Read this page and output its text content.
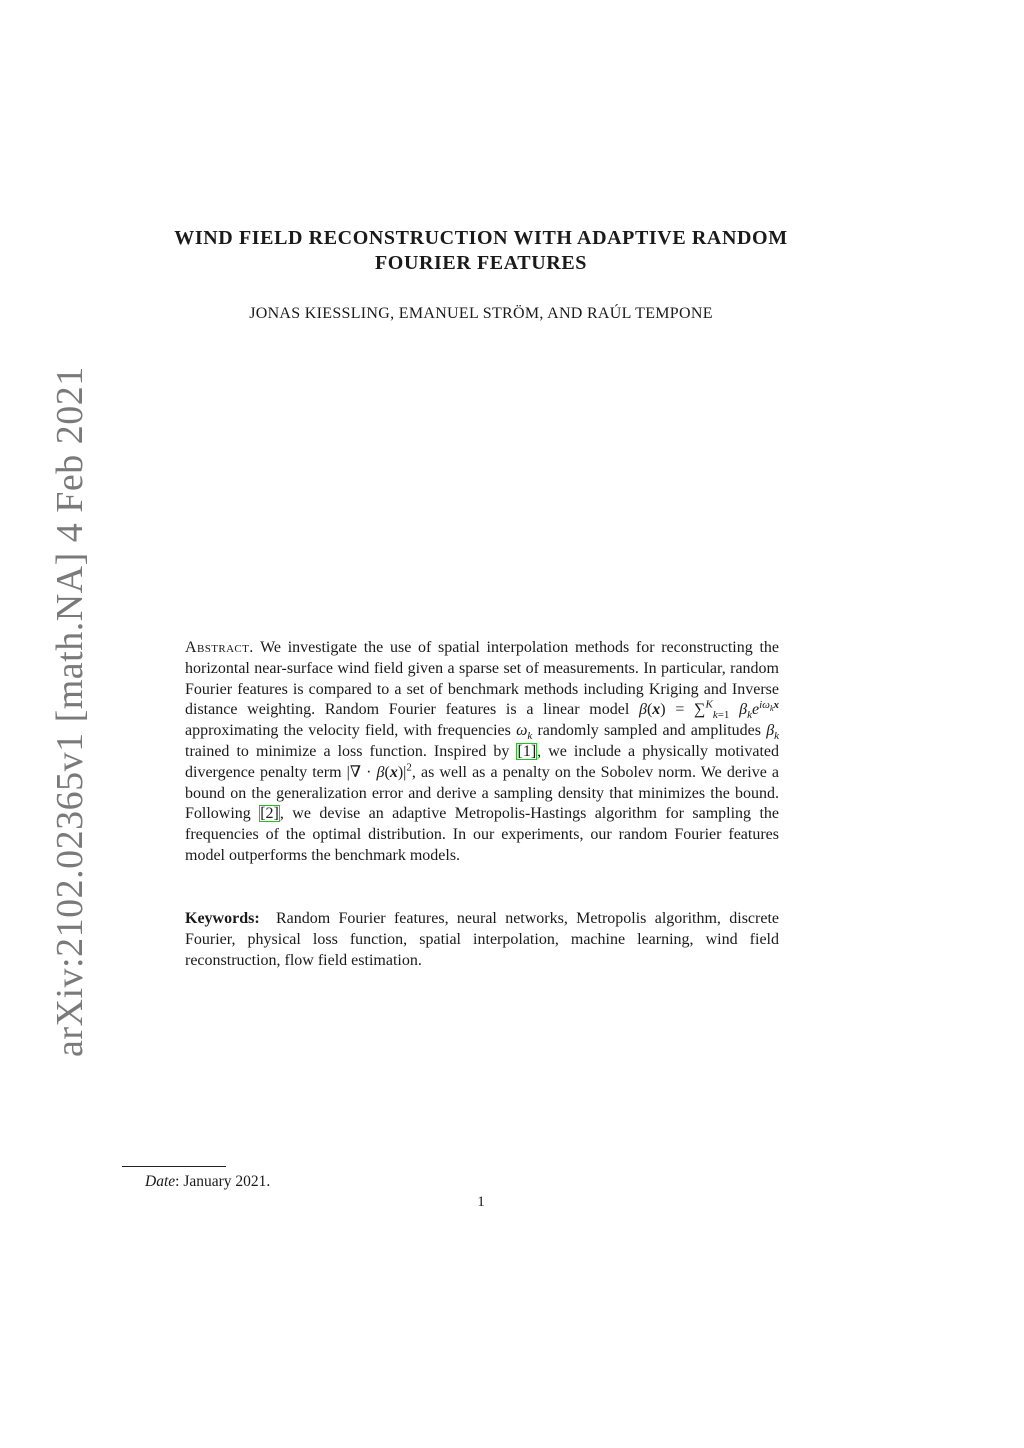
arXiv:2102.02365v1 [math.NA] 4 Feb 2021
WIND FIELD RECONSTRUCTION WITH ADAPTIVE RANDOM
FOURIER FEATURES
JONAS KIESSLING, EMANUEL STRÖM, AND RAÚL TEMPONE
Abstract. We investigate the use of spatial interpolation methods for reconstructing the horizontal near-surface wind field given a sparse set of measurements. In particular, random Fourier features is compared to a set of benchmark methods including Kriging and Inverse distance weighting. Random Fourier features is a linear model β(x) = ∑$^K_{k=1}$ $\beta_ke^{i\omega_kx}$ approximating the velocity field, with frequencies $\omega_k$ randomly sampled and amplitudes $\beta_k$ trained to minimize a loss function. Inspired by [1], we include a physically motivated divergence penalty term |∇ · $\beta(x)|^2$, as well as a penalty on the Sobolev norm. We derive a bound on the generalization error and derive a sampling density that minimizes the bound. Following [2], we devise an adaptive Metropolis-Hastings algorithm for sampling the frequencies of the optimal distribution. In our experiments, our random Fourier features model outperforms the benchmark models.
Keywords: Random Fourier features, neural networks, Metropolis algorithm, discrete Fourier, physical loss function, spatial interpolation, machine learning, wind field reconstruction, flow field estimation.
Date: January 2021.
1
